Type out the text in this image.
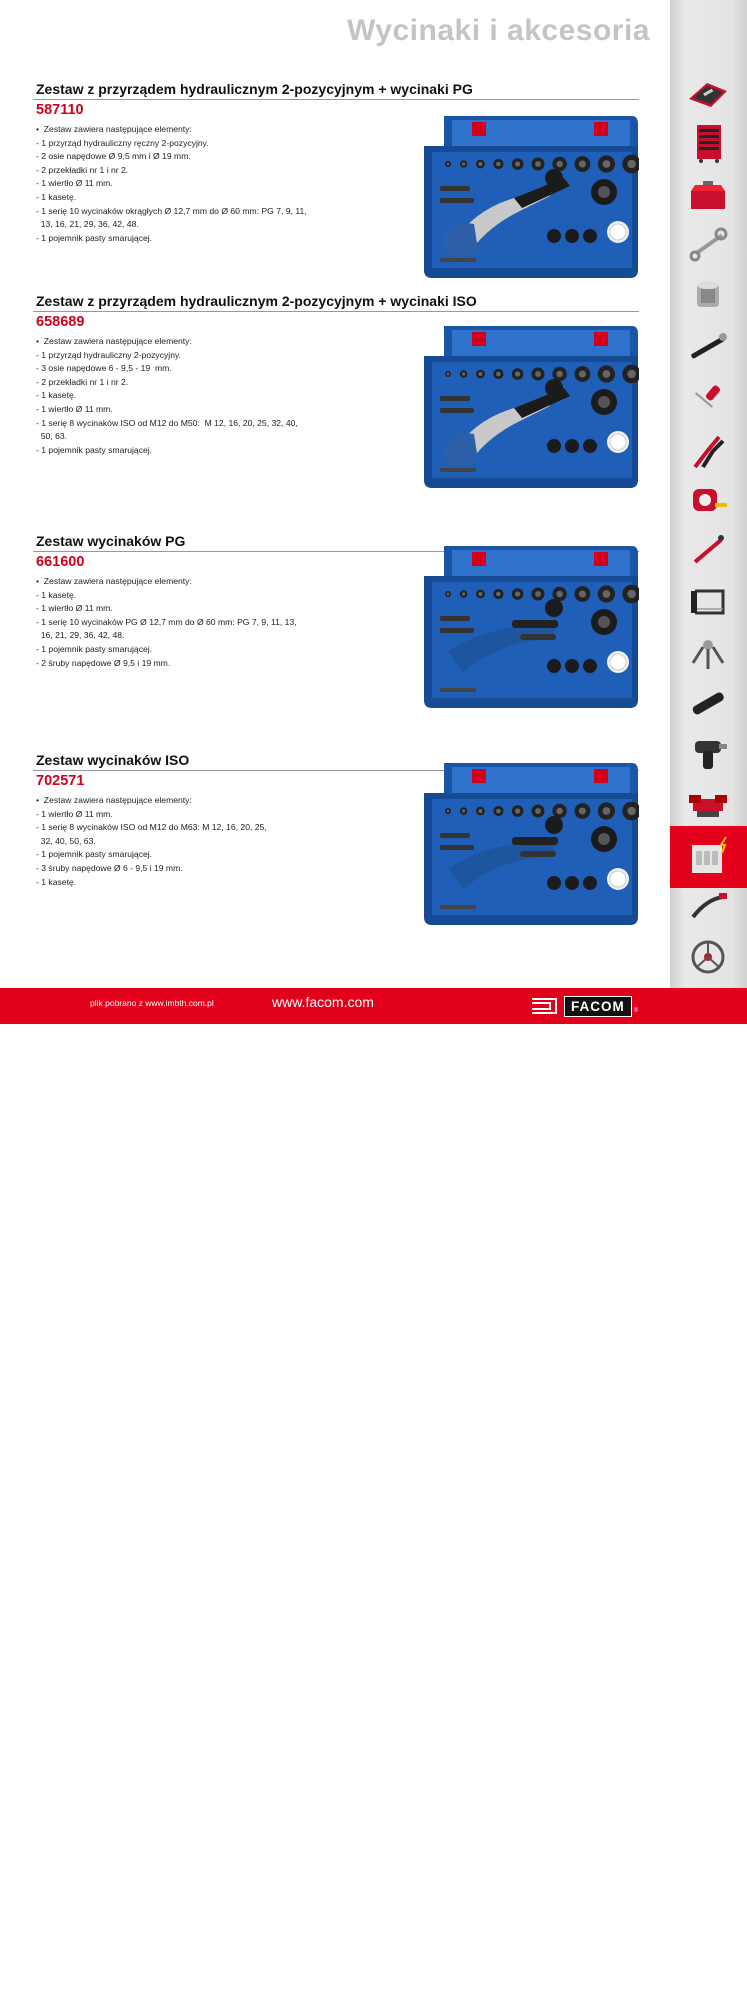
Wycinaki i akcesoria
Zestaw z przyrządem hydraulicznym 2-pozycyjnym + wycinaki PG
587110
•  Zestaw zawiera następujące elementy:
- 1 przyrząd hydrauliczny ręczny 2-pozycyjny.
- 2 osie napędowe Ø 9,5 mm i Ø 19 mm.
- 2 przekładki nr 1 i nr 2.
- 1 wiertło Ø 11 mm.
- 1 kasetę.
- 1 serię 10 wycinaków okrągłych Ø 12,7 mm do Ø 60 mm: PG 7, 9, 11,
13, 16, 21, 29, 36, 42, 48.
- 1 pojemnik pasty smarującej.
Zestaw z przyrządem hydraulicznym 2-pozycyjnym + wycinaki ISO
658689
•  Zestaw zawiera następujące elementy:
- 1 przyrząd hydrauliczny 2-pozycyjny.
- 3 osie napędowe 6 - 9,5 - 19  mm.
- 2 przekładki nr 1 i nr 2.
- 1 kasetę.
- 1 wiertło Ø 11 mm.
- 1 serię 8 wycinaków ISO od M12 do M50:  M 12, 16, 20, 25, 32, 40,
50, 63.
- 1 pojemnik pasty smarującej.
Zestaw wycinaków PG
661600
•  Zestaw zawiera następujące elementy:
- 1 kasetę.
- 1 wiertło Ø 11 mm.
- 1 serię 10 wycinaków PG Ø 12,7 mm do Ø 60 mm: PG 7, 9, 11, 13,
16, 21, 29, 36, 42, 48.
- 1 pojemnik pasty smarującej.
- 2 śruby napędowe Ø 9,5 i 19 mm.
Zestaw wycinaków ISO
702571
•  Zestaw zawiera następujące elementy:
- 1 wiertło Ø 11 mm.
- 1 serię 8 wycinaków ISO od M12 do M63: M 12, 16, 20, 25,
32, 40, 50, 63.
- 1 pojemnik pasty smarującej.
- 3 śruby napędowe Ø 6 - 9,5 i 19 mm.
- 1 kasetę.
plik pobrano z www.imbth.com.pl	www.facom.com	FACOM	®
649
